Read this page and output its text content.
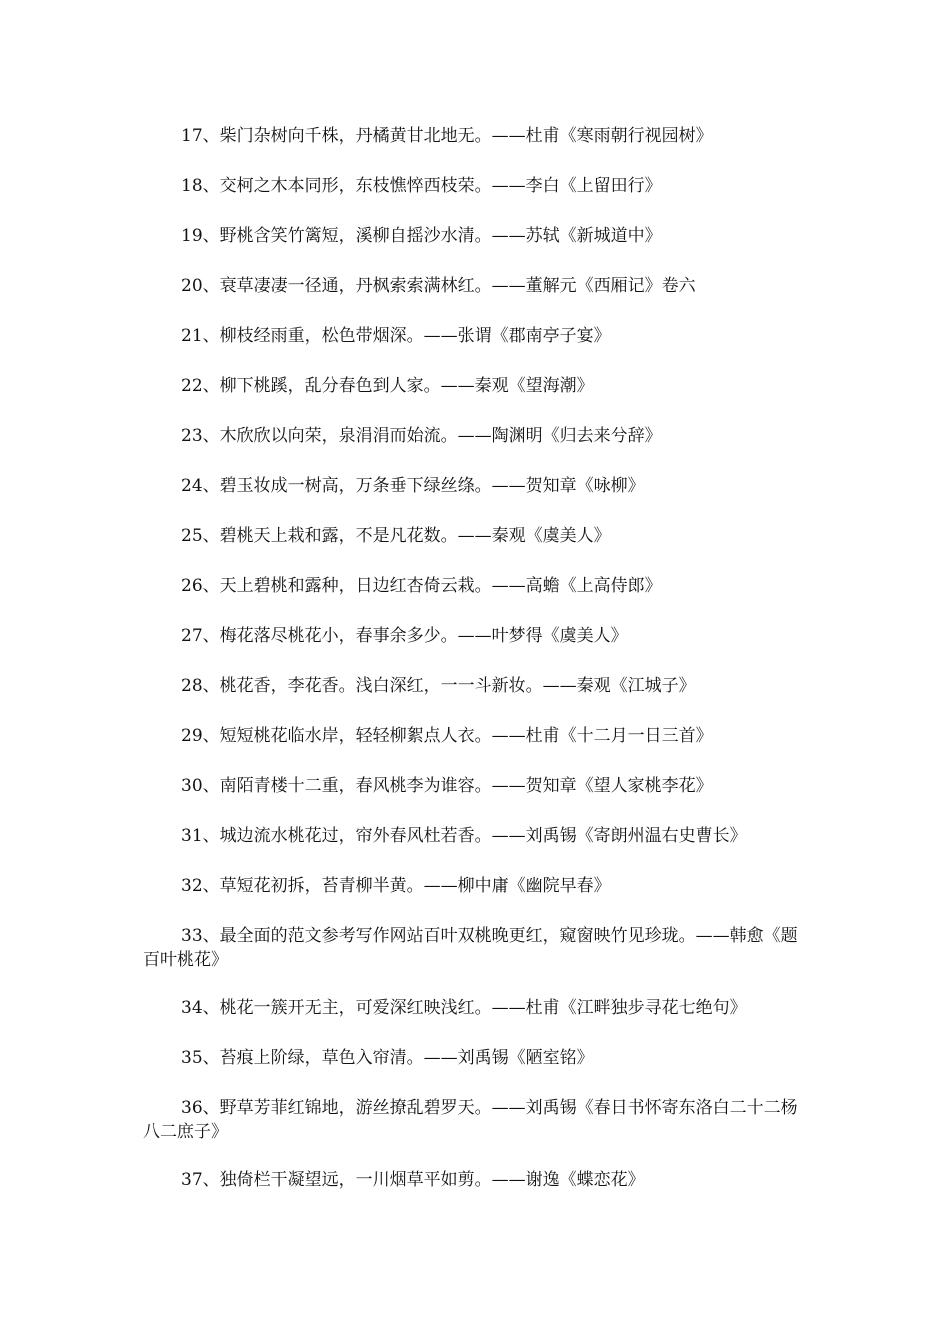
17、柴门杂树向千株，丹橘黄甘北地无。——杜甫《寒雨朝行视园树》

18、交柯之木本同形，东枝憔悴西枝荣。——李白《上留田行》

19、野桃含笑竹篱短，溪柳自摇沙水清。——苏轼《新城道中》

20、衰草凄凄一径通，丹枫索索满林红。——董解元《西厢记》卷六

21、柳枝经雨重，松色带烟深。——张谓《郡南亭子宴》

22、柳下桃蹊，乱分春色到人家。——秦观《望海潮》

23、木欣欣以向荣，泉涓涓而始流。——陶渊明《归去来兮辞》

24、碧玉妆成一树高，万条垂下绿丝绦。——贺知章《咏柳》

25、碧桃天上栽和露，不是凡花数。——秦观《虞美人》

26、天上碧桃和露种，日边红杏倚云栽。——高蟾《上高侍郎》

27、梅花落尽桃花小，春事余多少。——叶梦得《虞美人》

28、桃花香，李花香。浅白深红，一一斗新妆。——秦观《江城子》

29、短短桃花临水岸，轻轻柳絮点人衣。——杜甫《十二月一日三首》

30、南陌青楼十二重，春风桃李为谁容。——贺知章《望人家桃李花》

31、城边流水桃花过，帘外春风杜若香。——刘禹锡《寄朗州温右史曹长》

32、草短花初拆，苔青柳半黄。——柳中庸《幽院早春》

33、最全面的范文参考写作网站百叶双桃晚更红，窥窗映竹见珍珑。——韩愈《题百叶桃花》

34、桃花一簇开无主，可爱深红映浅红。——杜甫《江畔独步寻花七绝句》

35、苔痕上阶绿，草色入帘清。——刘禹锡《陋室铭》

36、野草芳菲红锦地，游丝撩乱碧罗天。——刘禹锡《春日书怀寄东洛白二十二杨八二庶子》

37、独倚栏干凝望远，一川烟草平如剪。——谢逸《蝶恋花》
